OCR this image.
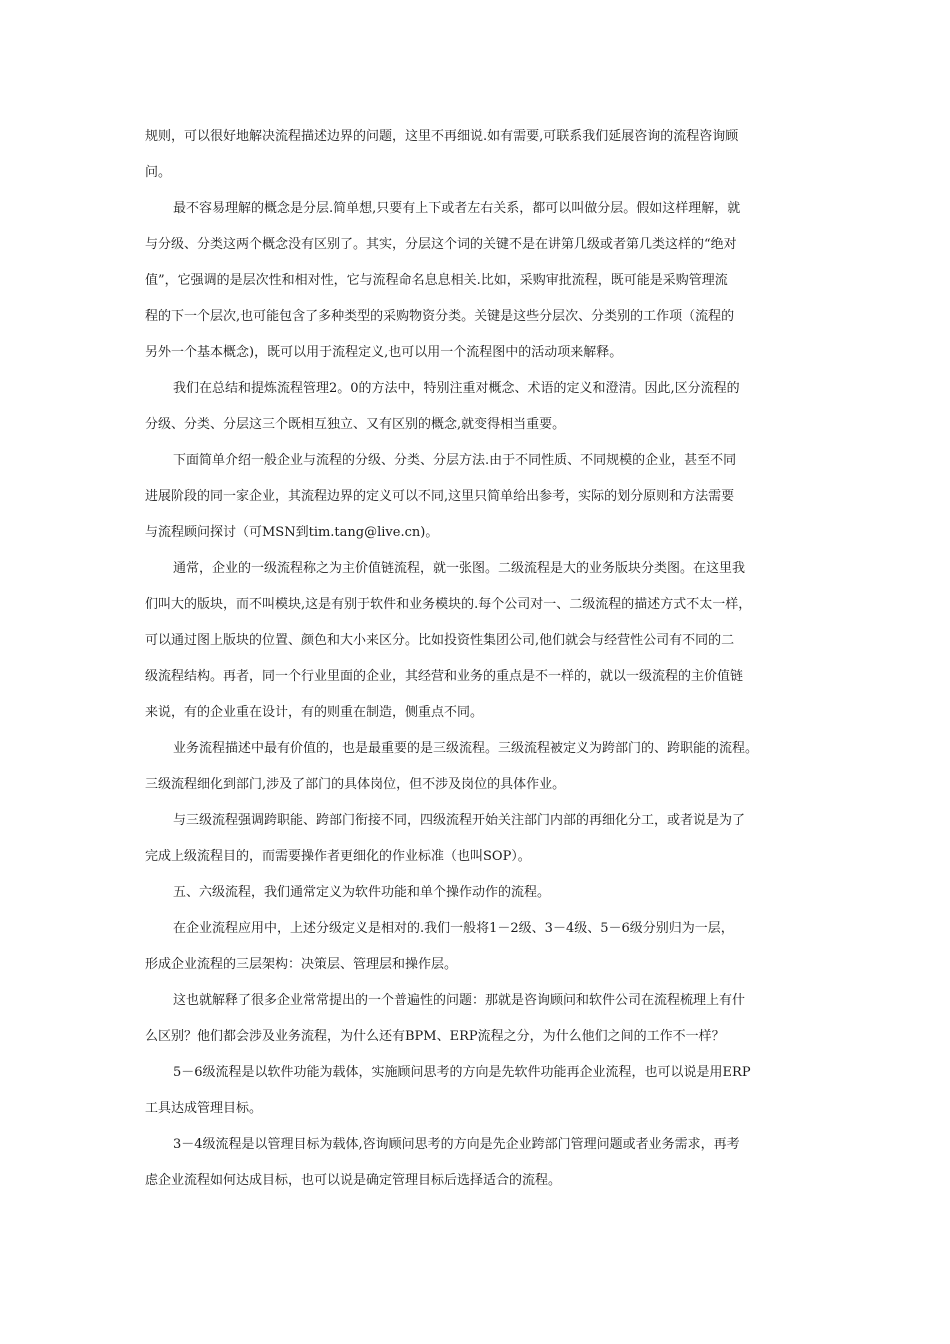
规则，可以很好地解决流程描述边界的问题，这里不再细说.如有需要,可联系我们延展咨询的流程咨询顾

问。

最不容易理解的概念是分层.简单想,只要有上下或者左右关系，都可以叫做分层。假如这样理解，就

与分级、分类这两个概念没有区别了。其实，分层这个词的关键不是在讲第几级或者第几类这样的“绝对

值”，它强调的是层次性和相对性，它与流程命名息息相关.比如，采购审批流程，既可能是采购管理流

程的下一个层次,也可能包含了多种类型的采购物资分类。关键是这些分层次、分类别的工作项（流程的

另外一个基本概念)，既可以用于流程定义,也可以用一个流程图中的活动项来解释。

我们在总结和提炼流程管理2。0的方法中，特别注重对概念、术语的定义和澄清。因此,区分流程的

分级、分类、分层这三个既相互独立、又有区别的概念,就变得相当重要。

下面简单介绍一般企业与流程的分级、分类、分层方法.由于不同性质、不同规模的企业，甚至不同

进展阶段的同一家企业，其流程边界的定义可以不同,这里只简单给出参考，实际的划分原则和方法需要

与流程顾问探讨（可MSN到tim.tang@live.cn)。

通常，企业的一级流程称之为主价值链流程，就一张图。二级流程是大的业务版块分类图。在这里我

们叫大的版块，而不叫模块,这是有别于软件和业务模块的.每个公司对一、二级流程的描述方式不太一样，

可以通过图上版块的位置、颜色和大小来区分。比如投资性集团公司,他们就会与经营性公司有不同的二

级流程结构。再者，同一个行业里面的企业，其经营和业务的重点是不一样的，就以一级流程的主价值链

来说，有的企业重在设计，有的则重在制造，侧重点不同。

业务流程描述中最有价值的，也是最重要的是三级流程。三级流程被定义为跨部门的、跨职能的流程。

三级流程细化到部门,涉及了部门的具体岗位，但不涉及岗位的具体作业。

与三级流程强调跨职能、跨部门衔接不同，四级流程开始关注部门内部的再细化分工，或者说是为了

完成上级流程目的，而需要操作者更细化的作业标准（也叫SOP）。

五、六级流程，我们通常定义为软件功能和单个操作动作的流程。

在企业流程应用中，上述分级定义是相对的.我们一般将1－2级、3－4级、5－6级分别归为一层，

形成企业流程的三层架构：决策层、管理层和操作层。

这也就解释了很多企业常常提出的一个普遍性的问题：那就是咨询顾问和软件公司在流程梳理上有什

么区别？他们都会涉及业务流程，为什么还有BPM、ERP流程之分，为什么他们之间的工作不一样？

5－6级流程是以软件功能为载体，实施顾问思考的方向是先软件功能再企业流程，也可以说是用ERP

工具达成管理目标。

3－4级流程是以管理目标为载体,咨询顾问思考的方向是先企业跨部门管理问题或者业务需求，再考

虑企业流程如何达成目标，也可以说是确定管理目标后选择适合的流程。
